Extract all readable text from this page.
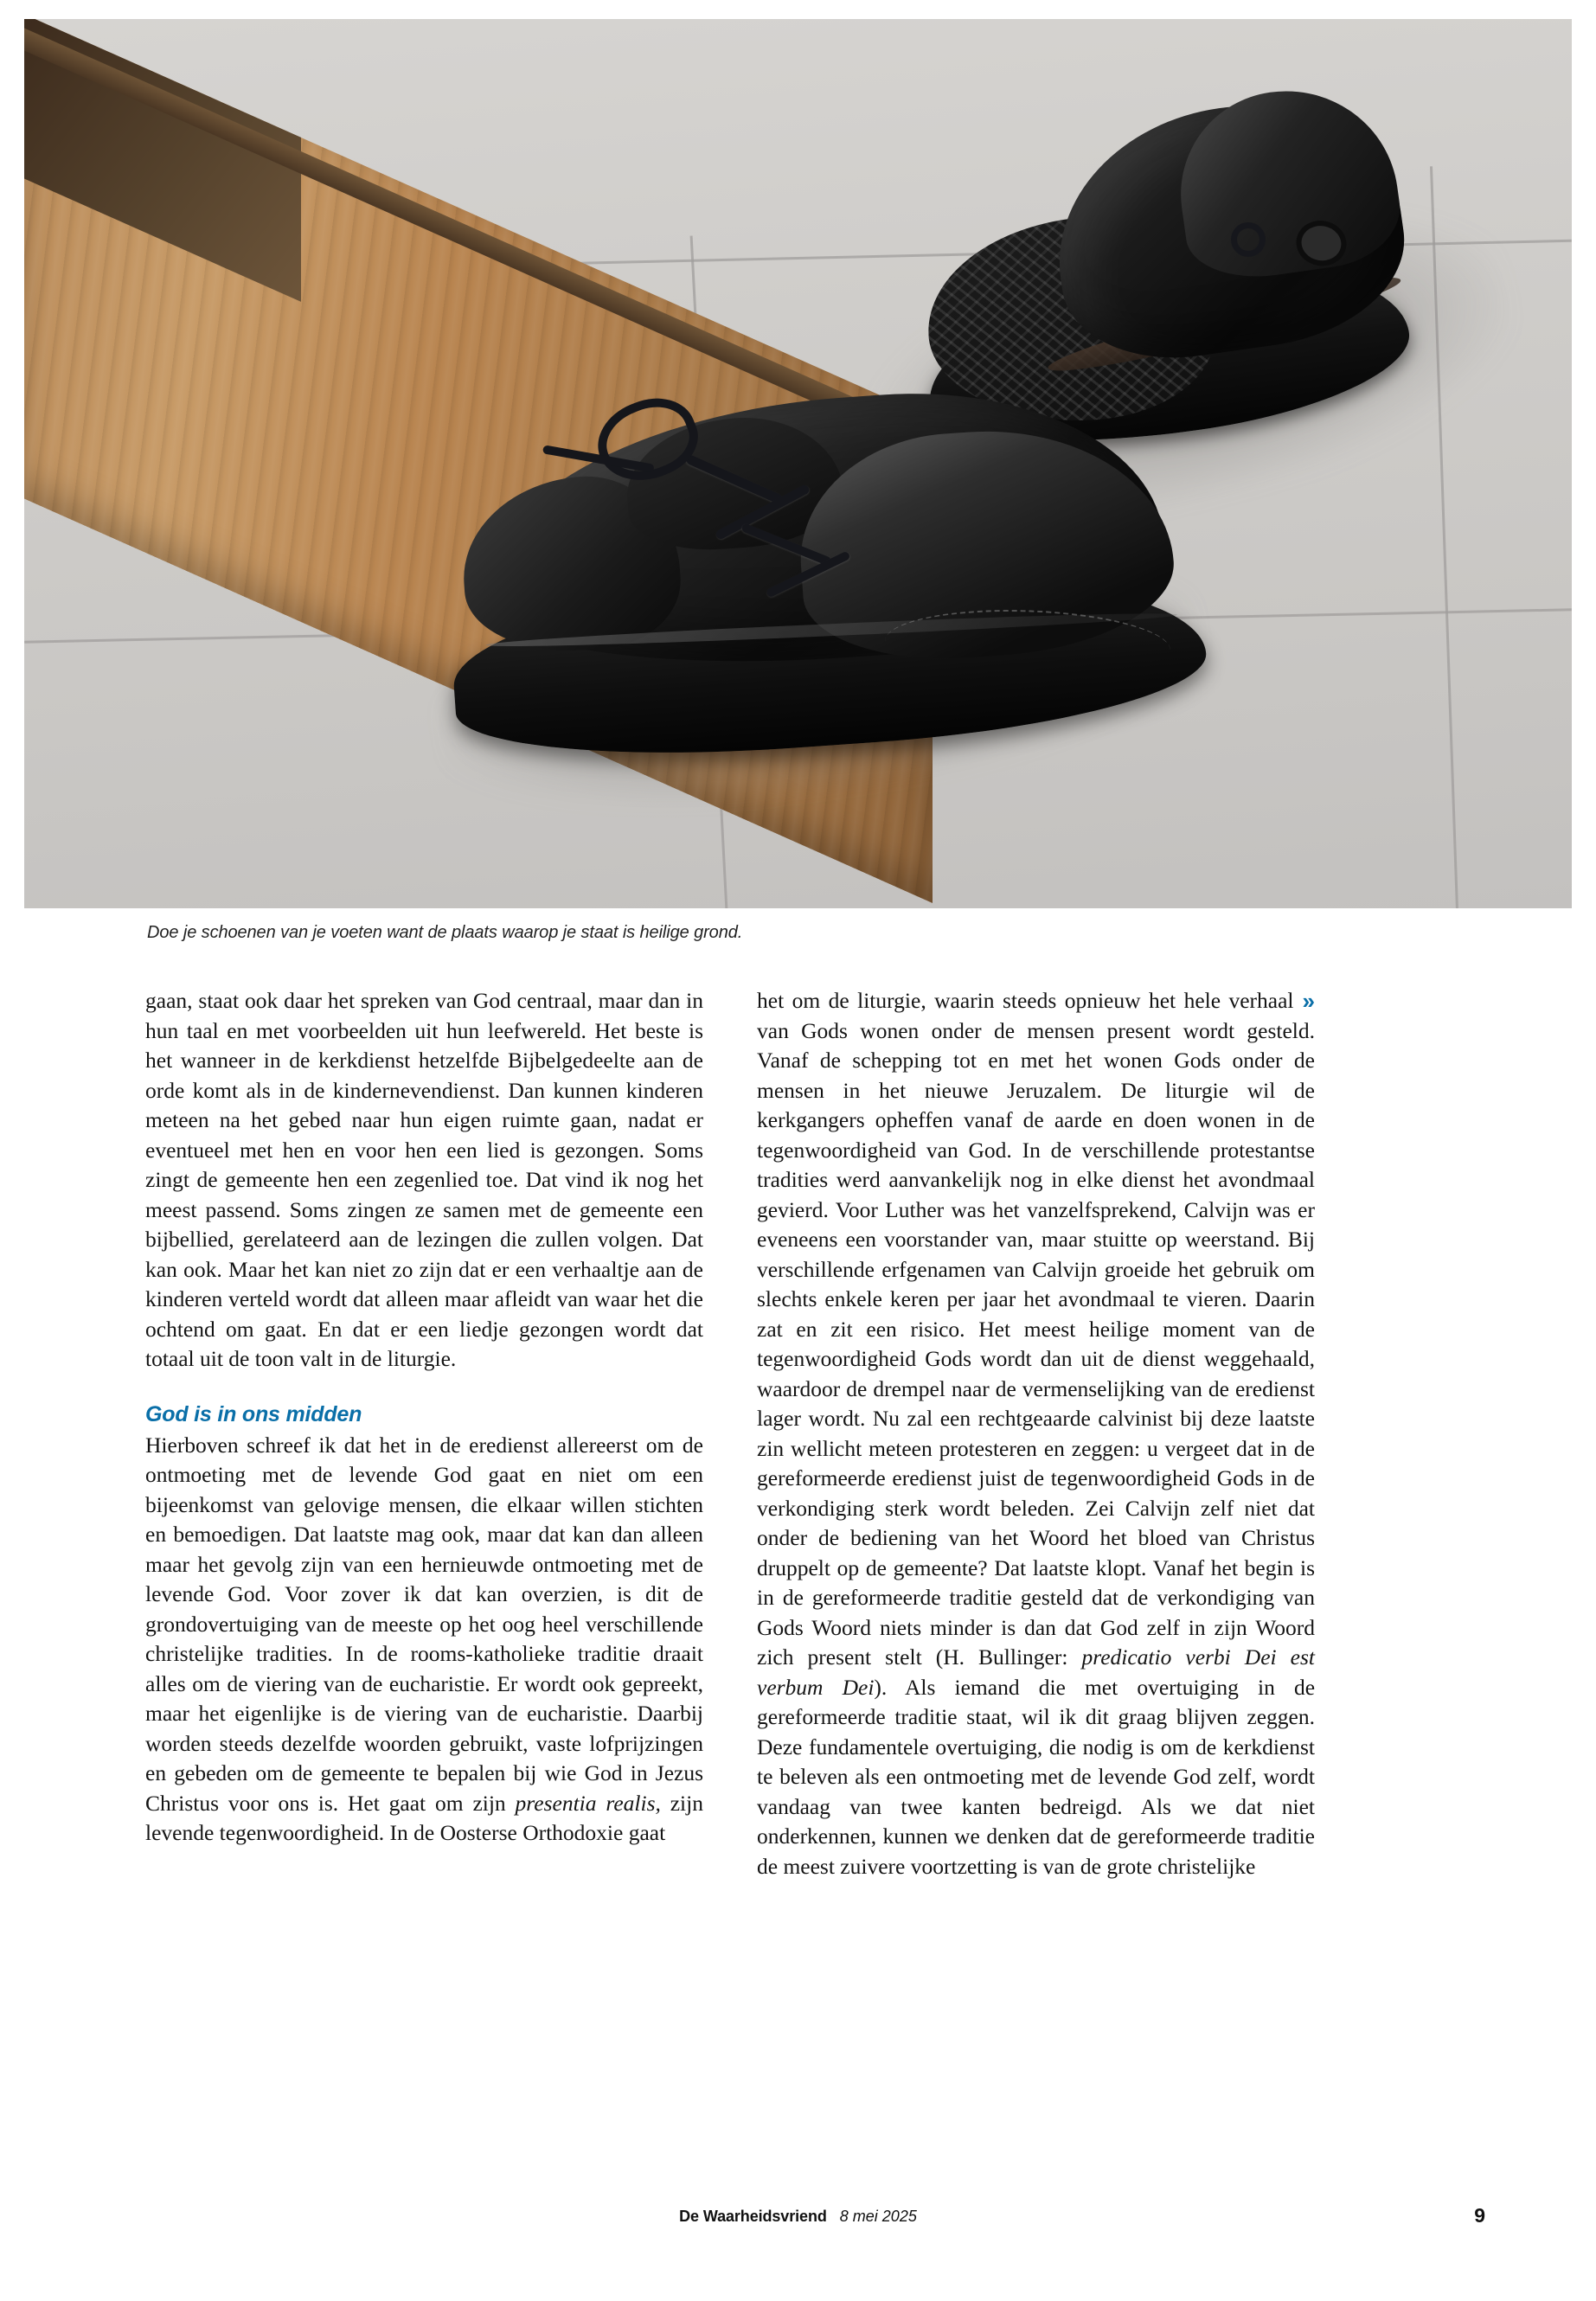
Doe je schoenen van je voeten want de plaats waarop je staat is heilige grond.

gaan, staat ook daar het spreken van God centraal, maar dan in hun taal en met voorbeelden uit hun leefwereld. Het beste is het wanneer in de kerkdienst hetzelfde Bijbelgedeelte aan de orde komt als in de kindernevendienst. Dan kunnen kinderen meteen na het gebed naar hun eigen ruimte gaan, nadat er eventueel met hen en voor hen een lied is gezongen. Soms zingt de gemeente hen een zegenlied toe. Dat vind ik nog het meest passend. Soms zingen ze samen met de gemeente een bijbellied, gerelateerd aan de lezingen die zullen volgen. Dat kan ook. Maar het kan niet zo zijn dat er een verhaaltje aan de kinderen verteld wordt dat alleen maar afleidt van waar het die ochtend om gaat. En dat er een liedje gezongen wordt dat totaal uit de toon valt in de liturgie.

God is in ons midden

Hierboven schreef ik dat het in de eredienst allereerst om de ontmoeting met de levende God gaat en niet om een bijeenkomst van gelovige mensen, die elkaar willen stichten en bemoedigen. Dat laatste mag ook, maar dat kan dan alleen maar het gevolg zijn van een hernieuwde ontmoeting met de levende God. Voor zover ik dat kan overzien, is dit de grondovertuiging van de meeste op het oog heel verschillende christelijke tradities. In de rooms-katholieke traditie draait alles om de viering van de eucharistie. Er wordt ook gepreekt, maar het eigenlijke is de viering van de eucharistie. Daarbij worden steeds dezelfde woorden gebruikt, vaste lofprijzingen en gebeden om de gemeente te bepalen bij wie God in Jezus Christus voor ons is. Het gaat om zijn presentia realis, zijn levende tegenwoordigheid. In de Oosterse Orthodoxie gaat

»
het om de liturgie, waarin steeds opnieuw het hele verhaal van Gods wonen onder de mensen present wordt gesteld. Vanaf de schepping tot en met het wonen Gods onder de mensen in het nieuwe Jeruzalem. De liturgie wil de kerkgangers opheffen vanaf de aarde en doen wonen in de tegenwoordigheid van God. In de verschillende protestantse tradities werd aanvankelijk nog in elke dienst het avondmaal gevierd. Voor Luther was het vanzelfsprekend, Calvijn was er eveneens een voorstander van, maar stuitte op weerstand. Bij verschillende erfgenamen van Calvijn groeide het gebruik om slechts enkele keren per jaar het avondmaal te vieren. Daarin zat en zit een risico. Het meest heilige moment van de tegenwoordigheid Gods wordt dan uit de dienst weggehaald, waardoor de drempel naar de vermenselijking van de eredienst lager wordt. Nu zal een rechtgeaarde calvinist bij deze laatste zin wellicht meteen protesteren en zeggen: u vergeet dat in de gereformeerde eredienst juist de tegenwoordigheid Gods in de verkondiging sterk wordt beleden. Zei Calvijn zelf niet dat onder de bediening van het Woord het bloed van Christus druppelt op de gemeente? Dat laatste klopt. Vanaf het begin is in de gereformeerde traditie gesteld dat de verkondiging van Gods Woord niets minder is dan dat God zelf in zijn Woord zich present stelt (H. Bullinger: predicatio verbi Dei est verbum Dei). Als iemand die met overtuiging in de gereformeerde traditie staat, wil ik dit graag blijven zeggen. Deze fundamentele overtuiging, die nodig is om de kerkdienst te beleven als een ontmoeting met de levende God zelf, wordt vandaag van twee kanten bedreigd. Als we dat niet onderkennen, kunnen we denken dat de gereformeerde traditie de meest zuivere voortzetting is van de grote christelijke

De Waarheidsvriend 8 mei 2025	9
